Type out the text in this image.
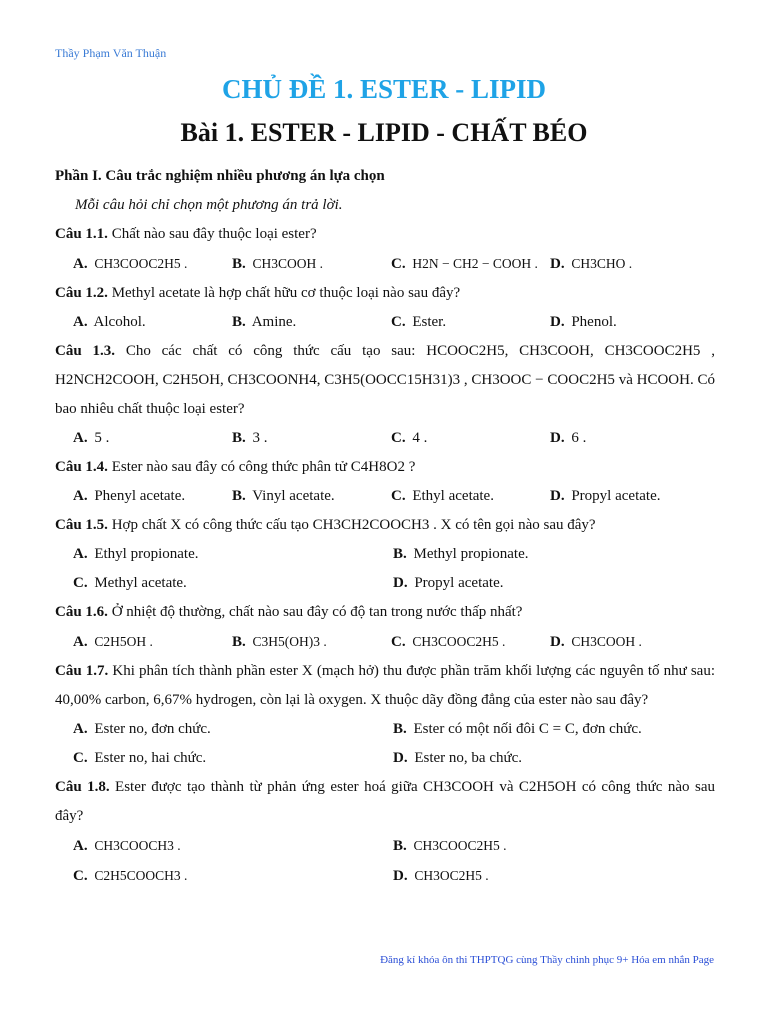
Thầy Phạm Văn Thuận
CHỦ ĐỀ 1. ESTER - LIPID
Bài 1. ESTER - LIPID - CHẤT BÉO
Phần I. Câu trắc nghiệm nhiều phương án lựa chọn
Mỗi câu hỏi chỉ chọn một phương án trả lời.

Câu 1.1. Chất nào sau đây thuộc loại ester?

A. CH3COOC2H5 .	B. CH3COOH .	C. H2N − CH2 − COOH . D. CH3CHO .

Câu 1.2. Methyl acetate là hợp chất hữu cơ thuộc loại nào sau đây?

A. Alcohol.	B. Amine.	C. Ester.	D. Phenol.

Câu 1.3. Cho các chất có công thức cấu tạo sau: HCOOC2H5, CH3COOH, CH3COOC2H5 , H2NCH2COOH, C2H5OH, CH3COONH4, C3H5(OOCC15H31)3 , CH3OOC − COOC2H5 và HCOOH. Có bao nhiêu chất thuộc loại ester?

A. 5 .	B. 3 .	C. 4 .	D. 6 .

Câu 1.4. Ester nào sau đây có công thức phân tử C4H8O2 ?

A. Phenyl acetate.	B. Vinyl acetate.	C. Ethyl acetate.	D. Propyl acetate.

Câu 1.5. Hợp chất X có công thức cấu tạo CH3CH2COOCH3 . X có tên gọi nào sau đây?

A. Ethyl propionate.	B. Methyl propionate.
C. Methyl acetate.	D. Propyl acetate.

Câu 1.6. Ở nhiệt độ thường, chất nào sau đây có độ tan trong nước thấp nhất?

A. C2H5OH .	B. C3H5(OH)3 .	C. CH3COOC2H5 .	D. CH3COOH .

Câu 1.7. Khi phân tích thành phần ester X (mạch hở) thu được phần trăm khối lượng các nguyên tố như sau: 40,00% carbon, 6,67% hydrogen, còn lại là oxygen. X thuộc dãy đồng đẳng của ester nào sau đây?

A. Ester no, đơn chức.	B. Ester có một nối đôi C = C, đơn chức.
C. Ester no, hai chức.	D. Ester no, ba chức.

Câu 1.8. Ester được tạo thành từ phản ứng ester hoá giữa CH3COOH và C2H5OH có công thức nào sau đây?

A. CH3COOCH3 .	B. CH3COOC2H5 .
C. C2H5COOCH3 .	D. CH3OC2H5 .
Đăng kí khóa ôn thi THPTQG cùng Thầy chinh phục 9+ Hóa em nhắn Page
